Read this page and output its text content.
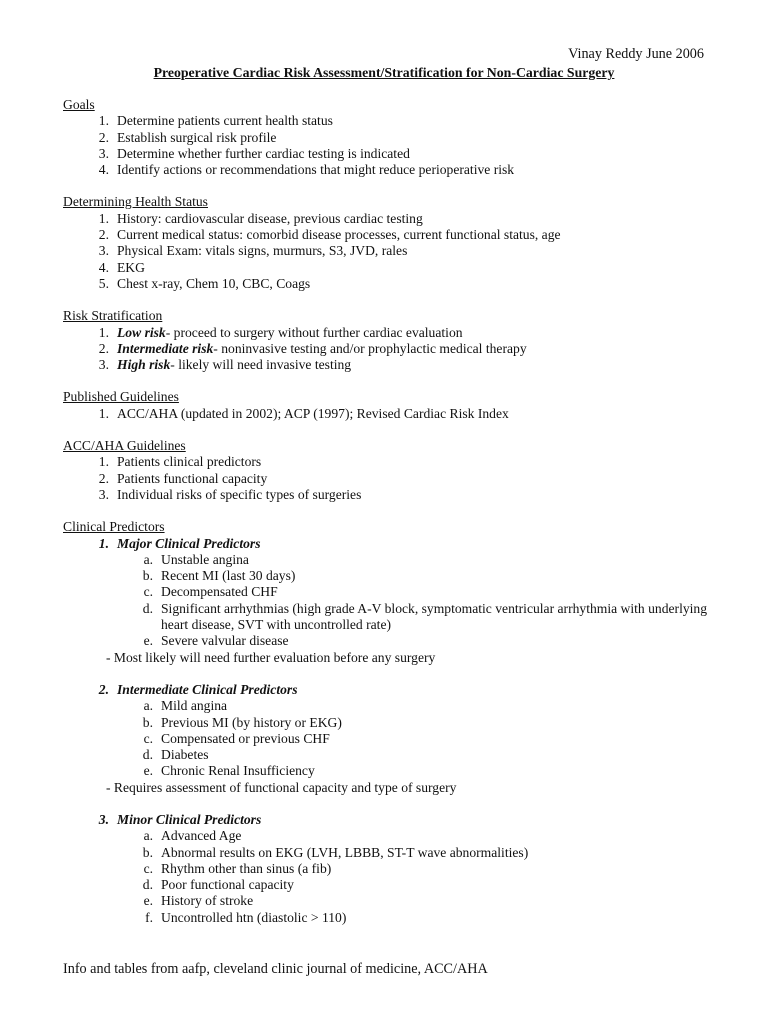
Vinay Reddy June 2006
Preoperative Cardiac Risk Assessment/Stratification for Non-Cardiac Surgery
Goals
1. Determine patients current health status
2. Establish surgical risk profile
3. Determine whether further cardiac testing is indicated
4. Identify actions or recommendations that might reduce perioperative risk
Determining Health Status
1. History: cardiovascular disease, previous cardiac testing
2. Current medical status: comorbid disease processes, current functional status, age
3. Physical Exam: vitals signs, murmurs, S3, JVD, rales
4. EKG
5. Chest x-ray, Chem 10, CBC, Coags
Risk Stratification
1. Low risk- proceed to surgery without further cardiac evaluation
2. Intermediate risk- noninvasive testing and/or prophylactic medical therapy
3. High risk- likely will need invasive testing
Published Guidelines
1. ACC/AHA (updated in 2002); ACP (1997); Revised Cardiac Risk Index
ACC/AHA Guidelines
1. Patients clinical predictors
2. Patients functional capacity
3. Individual risks of specific types of surgeries
Clinical Predictors
1. Major Clinical Predictors
a. Unstable angina
b. Recent MI (last 30 days)
c. Decompensated CHF
d. Significant arrhythmias (high grade A-V block, symptomatic ventricular arrhythmia with underlying heart disease, SVT with uncontrolled rate)
e. Severe valvular disease
- Most likely will need further evaluation before any surgery
2. Intermediate Clinical Predictors
a. Mild angina
b. Previous MI (by history or EKG)
c. Compensated or previous CHF
d. Diabetes
e. Chronic Renal Insufficiency
- Requires assessment of functional capacity and type of surgery
3. Minor Clinical Predictors
a. Advanced Age
b. Abnormal results on EKG (LVH, LBBB, ST-T wave abnormalities)
c. Rhythm other than sinus (a fib)
d. Poor functional capacity
e. History of stroke
f. Uncontrolled htn (diastolic > 110)
Info and tables from aafp, cleveland clinic journal of medicine, ACC/AHA
